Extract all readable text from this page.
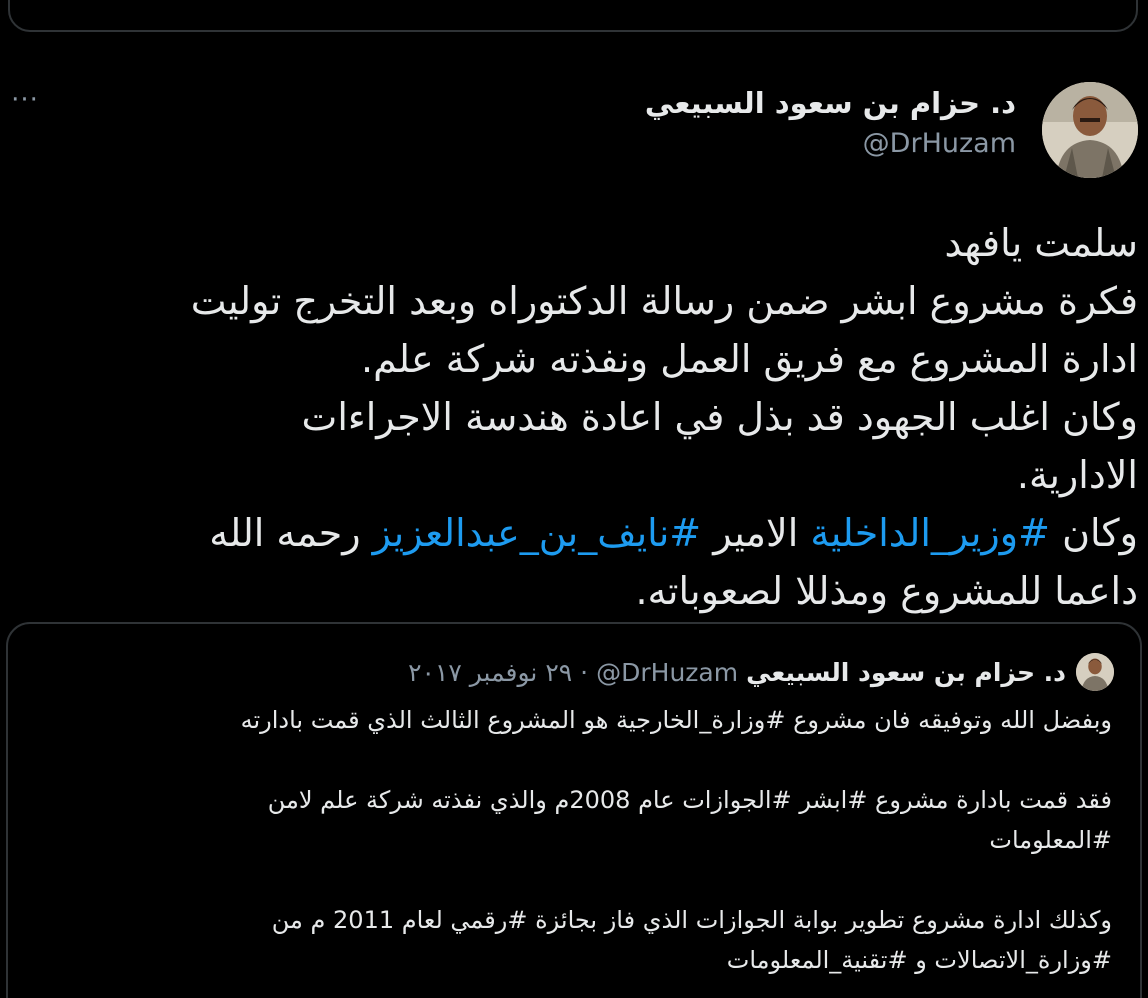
···	د. حزام بن سعود السبيعي
@DrHuzam
سلمت يافهد
فكرة مشروع ابشر ضمن رسالة الدكتوراه وبعد التخرج توليت
ادارة المشروع مع فريق العمل ونفذته شركة علم.
وكان اغلب الجهود قد بذل في اعادة هندسة الاجراءات
الادارية.
وكان #وزير_الداخلية الامير #نايف_بن_عبدالعزيز رحمه الله
داعما للمشروع ومذللا لصعوباته.
د. حزام بن سعود السبيعي
@DrHuzam
·
٢٩ نوفمبر ٢٠١٧
وبفضل الله وتوفيقه فان مشروع #وزارة_الخارجية هو المشروع الثالث الذي قمت بادارته
فقد قمت بادارة مشروع #ابشر #الجوازات عام 2008م والذي نفذته شركة علم لامن
#المعلومات
وكذلك ادارة مشروع تطوير بوابة الجوازات الذي فاز بجائزة #رقمي لعام 2011 م من
#وزارة_الاتصالات و #تقنية_المعلومات
